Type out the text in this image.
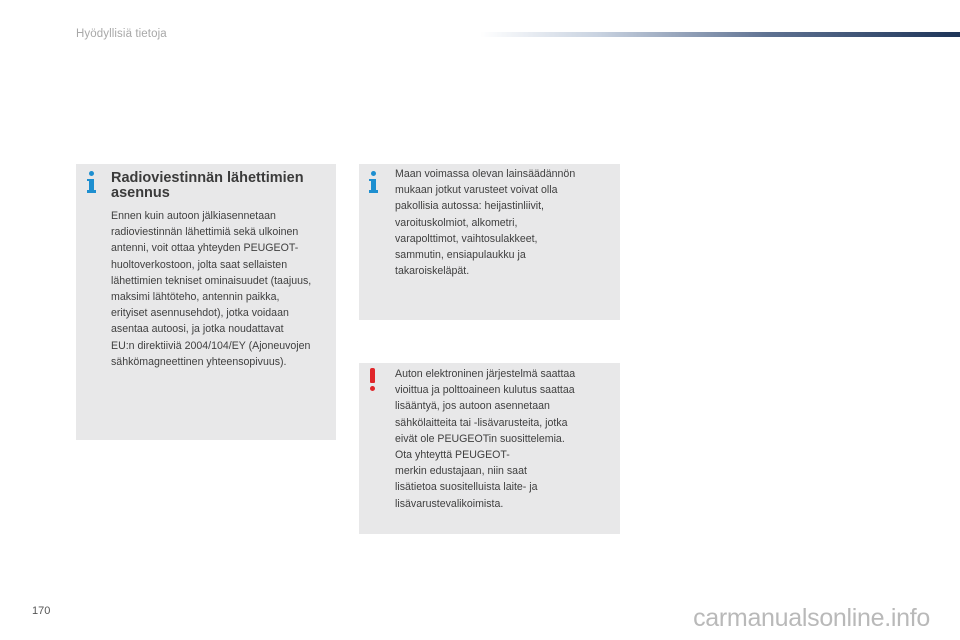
Hyödyllisiä tietoja
Radioviestinnän lähettimien asennus
Ennen kuin autoon jälkiasennetaan
radioviestinnän lähettimiä sekä ulkoinen
antenni, voit ottaa yhteyden PEUGEOT-
huoltoverkostoon, jolta saat sellaisten
lähettimien tekniset ominaisuudet (taajuus,
maksimi lähtöteho, antennin paikka,
erityiset asennusehdot), jotka voidaan
asentaa autoosi, ja jotka noudattavat
EU:n direktiiviä 2004/104/EY (Ajoneuvojen
sähkömagneettinen yhteensopivuus).
Maan voimassa olevan lainsäädännön
mukaan jotkut varusteet voivat olla
pakollisia autossa: heijastinliivit,
varoituskolmiot, alkometri,
varapolttimot, vaihtosulakkeet,
sammutin, ensiapulaukku ja
takaroiskeläpät.
Auton elektroninen järjestelmä saattaa
vioittua ja polttoaineen kulutus saattaa
lisääntyä, jos autoon asennetaan
sähkölaitteita tai -lisävarusteita, jotka
eivät ole PEUGEOTin suosittelemia.
Ota yhteyttä PEUGEOT-
merkin edustajaan, niin saat
lisätietoa suositelluista laite- ja
lisävarustevalikoimista.
170	carmanualsonline.info
